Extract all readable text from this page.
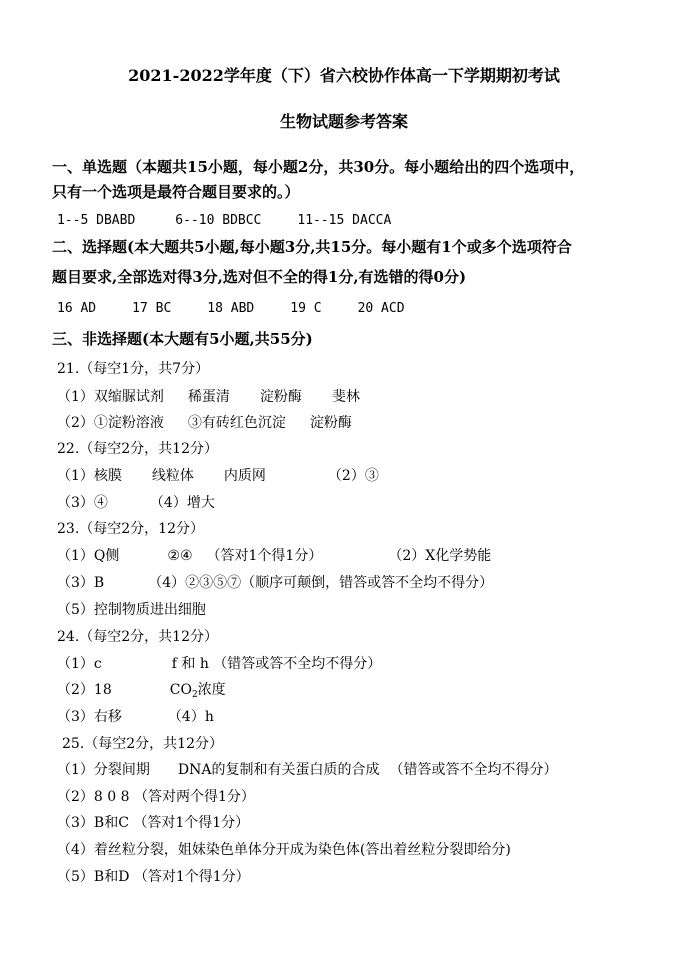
2021-2022学年度（下）省六校协作体高一下学期期初考试
生物试题参考答案
一、单选题（本题共15小题，每小题2分，共30分。每小题给出的四个选项中，
只有一个选项是最符合题目要求的。）
1--5 DBABD	6--10 BDBCC	11--15 DACCA
二、选择题(本大题共5小题,每小题3分,共15分。每小题有1个或多个选项符合
题目要求,全部选对得3分,选对但不全的得1分,有选错的得0分)
16 AD	17 BC	18 ABD	19 C	20 ACD
三、非选择题(本大题有5小题,共55分)
21.（每空1分，共7分）
（1）双缩脲试剂 稀蛋清 淀粉酶 斐林
（2）①淀粉溶液 ③有砖红色沉淀 淀粉酶
22.（每空2分，共12分）
（1）核膜 线粒体 内质网	（2）③
（3）④	（4）增大
23.（每空2分，12分）
（1）Q侧	②④ （答对1个得1分）	（2）X化学势能
（3）B	（4）②③⑤⑦（顺序可颠倒，错答或答不全均不得分）
（5）控制物质进出细胞
24.（每空2分，共12分）
（1）c	f 和 h （错答或答不全均不得分）
（2）18	$CO_2$浓度
（3）右移	（4）h
25.（每空2分，共12分）
（1）分裂间期 DNA的复制和有关蛋白质的合成 （错答或答不全均不得分）
（2）8 0 8 （答对两个得1分）
（3）B和C （答对1个得1分）
（4）着丝粒分裂，姐妹染色单体分开成为染色体(答出着丝粒分裂即给分)
（5）B和D （答对1个得1分）
